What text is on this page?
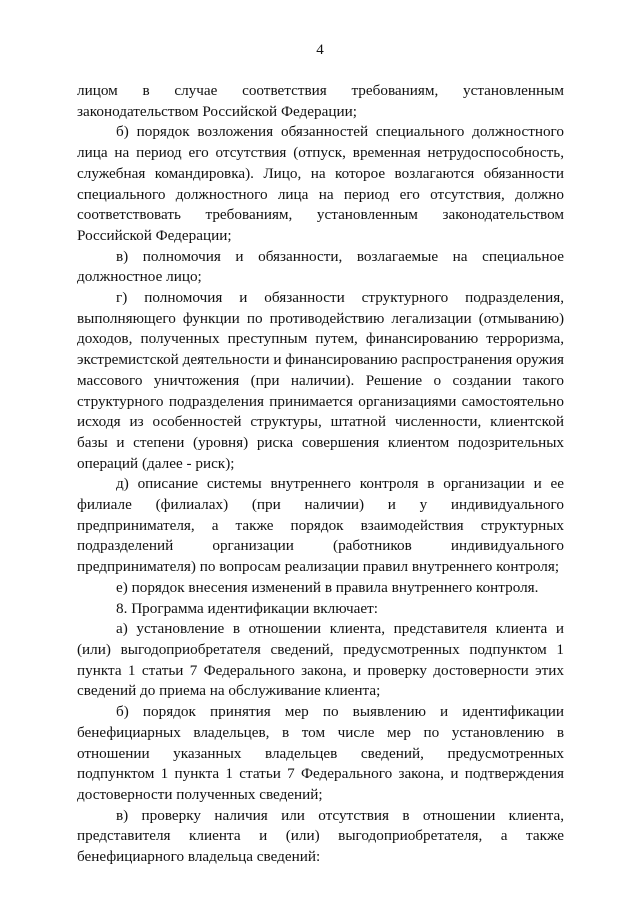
4

лицом в случае соответствия требованиям, установленным законодательством Российской Федерации;

б) порядок возложения обязанностей специального должностного лица на период его отсутствия (отпуск, временная нетрудоспособность, служебная командировка). Лицо, на которое возлагаются обязанности специального должностного лица на период его отсутствия, должно соответствовать требованиям, установленным законодательством Российской Федерации;

в) полномочия и обязанности, возлагаемые на специальное должностное лицо;

г) полномочия и обязанности структурного подразделения, выполняющего функции по противодействию легализации (отмыванию) доходов, полученных преступным путем, финансированию терроризма, экстремистской деятельности и финансированию распространения оружия массового уничтожения (при наличии). Решение о создании такого структурного подразделения принимается организациями самостоятельно исходя из особенностей структуры, штатной численности, клиентской базы и степени (уровня) риска совершения клиентом подозрительных операций (далее - риск);

д) описание системы внутреннего контроля в организации и ее филиале (филиалах) (при наличии) и у индивидуального предпринимателя, а также порядок взаимодействия структурных подразделений организации (работников индивидуального предпринимателя) по вопросам реализации правил внутреннего контроля;

е) порядок внесения изменений в правила внутреннего контроля.

8. Программа идентификации включает:

а) установление в отношении клиента, представителя клиента и (или) выгодоприобретателя сведений, предусмотренных подпунктом 1 пункта 1 статьи 7 Федерального закона, и проверку достоверности этих сведений до приема на обслуживание клиента;

б) порядок принятия мер по выявлению и идентификации бенефициарных владельцев, в том числе мер по установлению в отношении указанных владельцев сведений, предусмотренных подпунктом 1 пункта 1 статьи 7 Федерального закона, и подтверждения достоверности полученных сведений;

в) проверку наличия или отсутствия в отношении клиента, представителя клиента и (или) выгодоприобретателя, а также бенефициарного владельца сведений:
